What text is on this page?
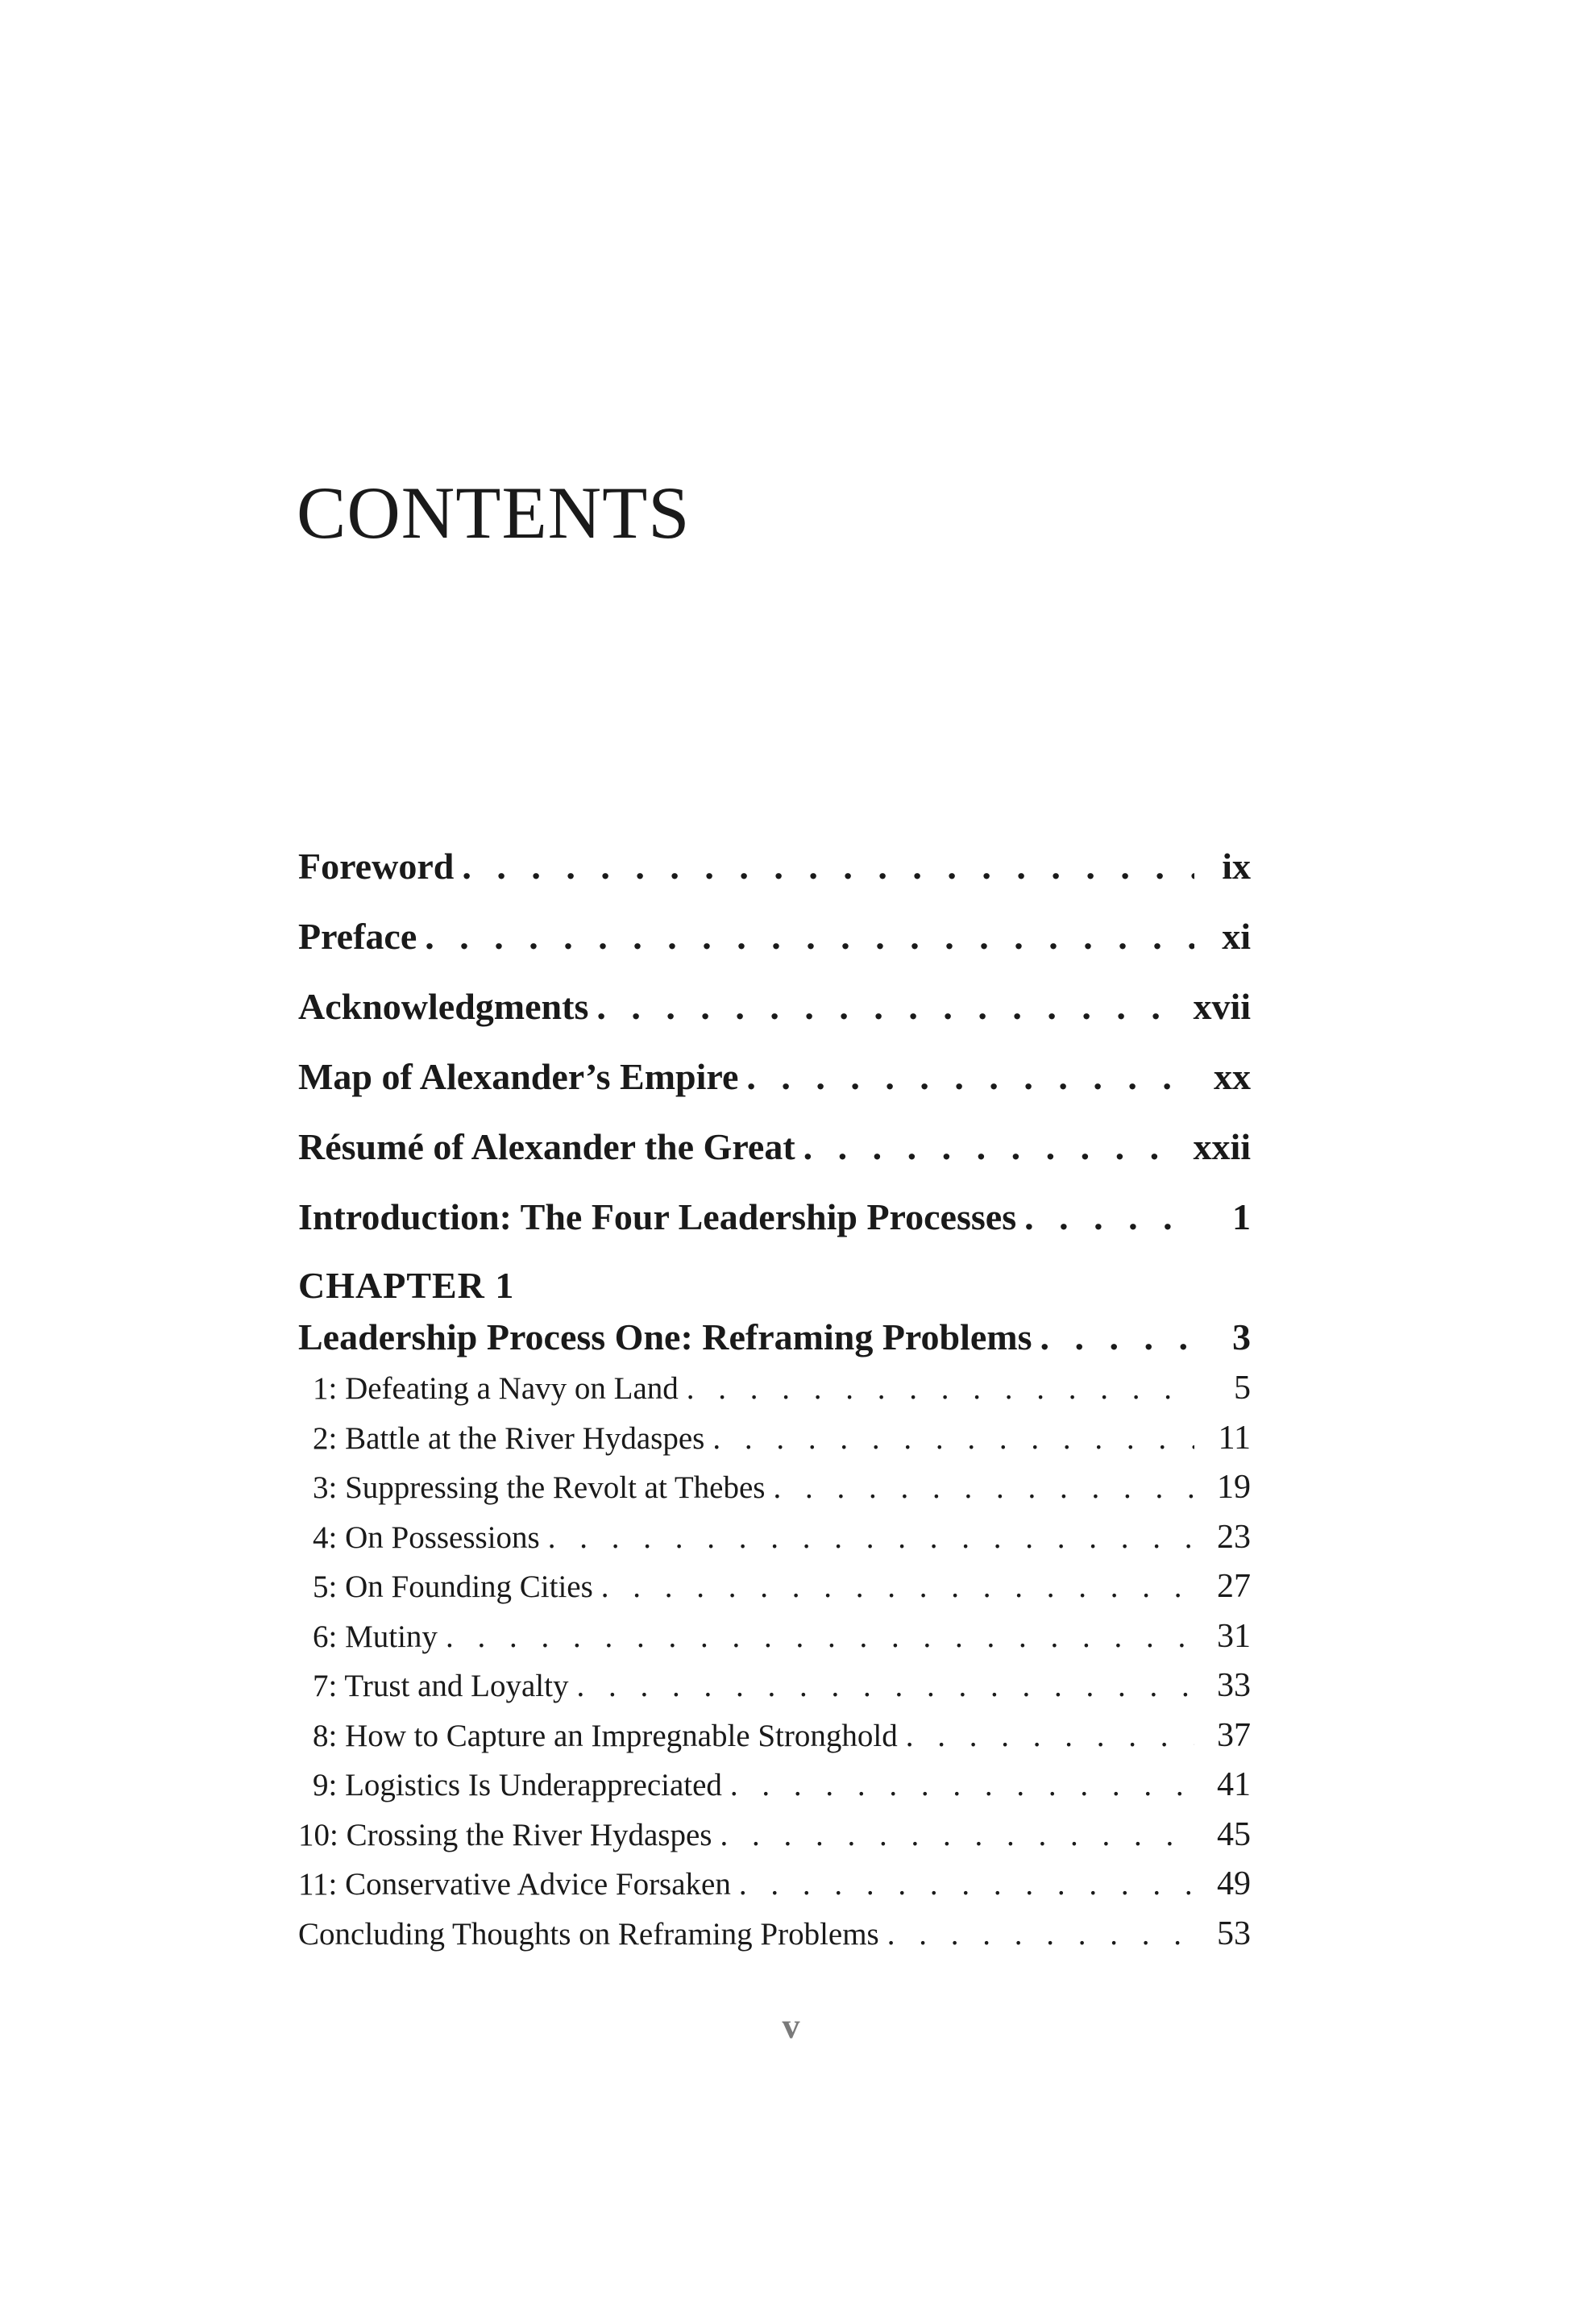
CONTENTS
Foreword . . .	ix
Preface . . .	xi
Acknowledgments . . .	xvii
Map of Alexander’s Empire . . .	xx
Résumé of Alexander the Great . . .	xxii
Introduction: The Four Leadership Processes . . .	1
CHAPTER 1
Leadership Process One: Reframing Problems . . .	3
1: Defeating a Navy on Land . . .	5
2: Battle at the River Hydaspes . . .	11
3: Suppressing the Revolt at Thebes . . .	19
4: On Possessions . . .	23
5: On Founding Cities . . .	27
6: Mutiny . . .	31
7: Trust and Loyalty . . .	33
8: How to Capture an Impregnable Stronghold . . .	37
9: Logistics Is Underappreciated . . .	41
10: Crossing the River Hydaspes . . .	45
11: Conservative Advice Forsaken . . .	49
Concluding Thoughts on Reframing Problems . . .	53
v
